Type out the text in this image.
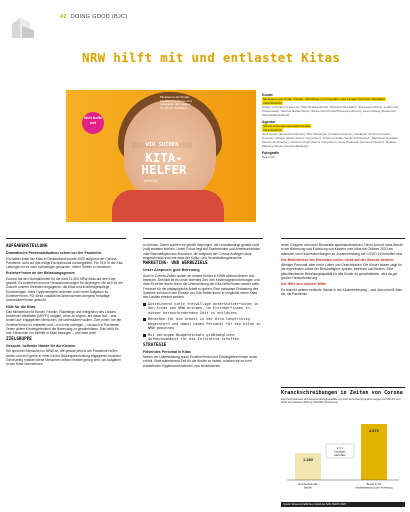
42 DOING GOOD (BJC)
NRW hilft mit und entlastet Kitas
#ich helfe mit
Ministerium für Kinder, Familie, Flüchtlinge und Integration des Landes Nordrhein-Westfalen
WIR SUCHEN
KITA-HELFER
(M/W/D)
Kunde
Ministerium für Kinder, Familie, Flüchtlinge und Integration des Landes Nordrhein-Westfalen
Verantwortlich
Hagen Lessmann (Leiter der Öffentlichkeitsarbeit), Waltraud Mac Ekber (Pressesprecherin, Leiterin der Pressestelle), Sabrina Bardenhewer (Referentin Presse/Pressesprecherin), Lara Hollweg (Referentin Öffentlichkeitsarbeit)
Agentur
Scholz & Friends Düsseldorf GmbH
Verantwortlich
Jens Geiser (Executive Director), Max Messinger (Creative Director), Alexander Schroll (Creative Director), Johann Hinkel (Senior Copywriter), Johanna Heide (Senior Art Director), Bartlomiej Kowalski (Senior Art Director), Johanna Vogel (Senior Copywriter), Anna Rottmann (Account Director), Melanie Möhring (Senior Account Manager)
Fotografie
Bea Artist
AUFGABENSTELLUNG
Dramatische Personalsituation schon vor der Pandemie

Ein halber Antei der Kitas in Deutschland konnte 2020 aufgrund der Corona-Pandemie nicht auf das nötige Fachpersonal zurückgreifen. Für 78,5 % der Kita-Leitungen ist es noch schwieriger geworden, offene Stellen zu besetzen.

Erzieher*innen an der Belastungsgrenze

Corona hat den Normalbetrieb für die rund 11.000 NRW-Kitas auf den Kopf gestellt. Es entstehen enorme Herausforderungen für diejenigen, die sich für die Zukunft unserer Kleinsten engagieren: die Kitas und Kindertagespflege Einrichtungen. Mehr Hygieneregeln bedeuten noch mehr Aufgaben für Erzieher*innen. Für diese zusätzliche Arbeit werden dringend freiwillige Unterstützer*innen gesucht.

Hilfe für die Kitas

Das Ministerium für Kinder, Familie, Flüchtlinge und Integration des Landes Nordrhein-Westfalen (MKFFI) reagiert, ohne zu zögern, auf diese Not – und fordert auf: engagierten Menschen, die unterstützen wollen. Zum einen, um die Erzieher*innen zu entlasten und – noch viel wichtiger – um auch in Pandemie-Zeiten jedem Kindergartenkind die Betreuung zu gewährleisten. Das heißt für uns: Menschen zur Mithilfe in Kitas bewegen – und zwar jetzt!

ZIELGRUPPE
Gesucht: helfende Hände für die Kleinen

Wir sprechen Menschen in NRW an, die gerade jetzt in der Pandemie helfen wollen und sich gerne in einer Kinder-Bildungseinrichtung engagieren möchten. Gleichzeitig müssen diese Menschen zeitlich flexibel genug sein, um Aufgaben in den Kitas übernehmen

zu können. Daher suchen wir gezielt diejenigen, die coronabedingt gerade nicht (voll) arbeiten können. Unser Fokus liegt auf Studierenden und Arbeitsuchenden oder Beschäftigten aus Branchen, die aufgrund der Corona-Auflagen stark eingeschränkt sind wie etwa der Kultur- und Veranstaltungsbranche.

MARKETING- UND WERBEZIELE
Unser Anspruch: gute Betreuung

Auch in Corona-Zeiten wollen wir unsere Kinder in NRW optimal fördern und betreuen. Deshalb ist es unser oberstes Ziel, den Kindertageseinrichtungen und ihren Erzieher*innen durch die Unterstützung der Kita-Helfer*innen wieder mehr Freiraum für die pädagogische Arbeit zu geben. Eine messbare Entlastung des Systems soll durch den Einsatz von Kita-Helfer*innen in möglichst vielen Kitas des Landes erreicht werden.

Ausreichend viele freiwillige Unterstützer*innen in den Kitas von NRW bringen, um Erzieher*innen in dieser herausfordernden Zeit zu entlasten
Menschen für die Arbeit in der Kita langfristig begeistern und damit neues Personal für die Kitas in NRW gewinnen
Mit geringem Budgeteinsatz größtmögliche Aufmerksamkeit für die Initiative schaffen
STRATEGIE
Fehlendes Personal in Kitas

Neben der Unterstützung durch Erzieher*innen und Kindergärtner*innen muss erhöht. Statt ausreichend Zeit für die Kinder zu haben, müssen sie sich mit zusätzlichen Hygienemaßnahmen, neu strukturierten

ierten Gruppen und mehr Bürokratie auseinandersetzen. Hinzu kommt: dass Berufe in der Betreuung und Erziehung von Kindern vom März bis Oktober 2020 am stärksten von Kinderschreibungen im Zusammenhang mit COVID-19 betroffen sind.

Die Bedürfnisse der Kleinsten sollen nicht auf der Strecke bleiben

Weniger Personal, aber mehr Luften und Gesichtsanen. Die Kinder lassen zeigt für die ergebenden Arbeit der Beschäftigten: spielen, betreuen und fördern. Eine gleichbleibende Betreuungsqualität für alle Kinder zu gewährleisten, wird da gar großen Herausforderung.

Die Hilfe aus unserer Mitte

Es braucht weitere helfende Hände in der Kinderbetreuung – und das schnell! Was wir, die Pandemie

Kranckschreibungen in Zeiten von Corona
Durchschnittswert der Arbeitsunfähigkeitsfälle pro 100 Versicherungsjahre wegen COVID-19 von März bis Oktober 2020 je 100.000 Versicherte
1.283
Durchschnitt alle
Berufe
2.672
Berufe in der
Kinderbetreuung und -erziehung
2,1 x
häufiger
betroffen
Quelle: Wissenschaftliches Institut der AOK (WIdO) 2020
